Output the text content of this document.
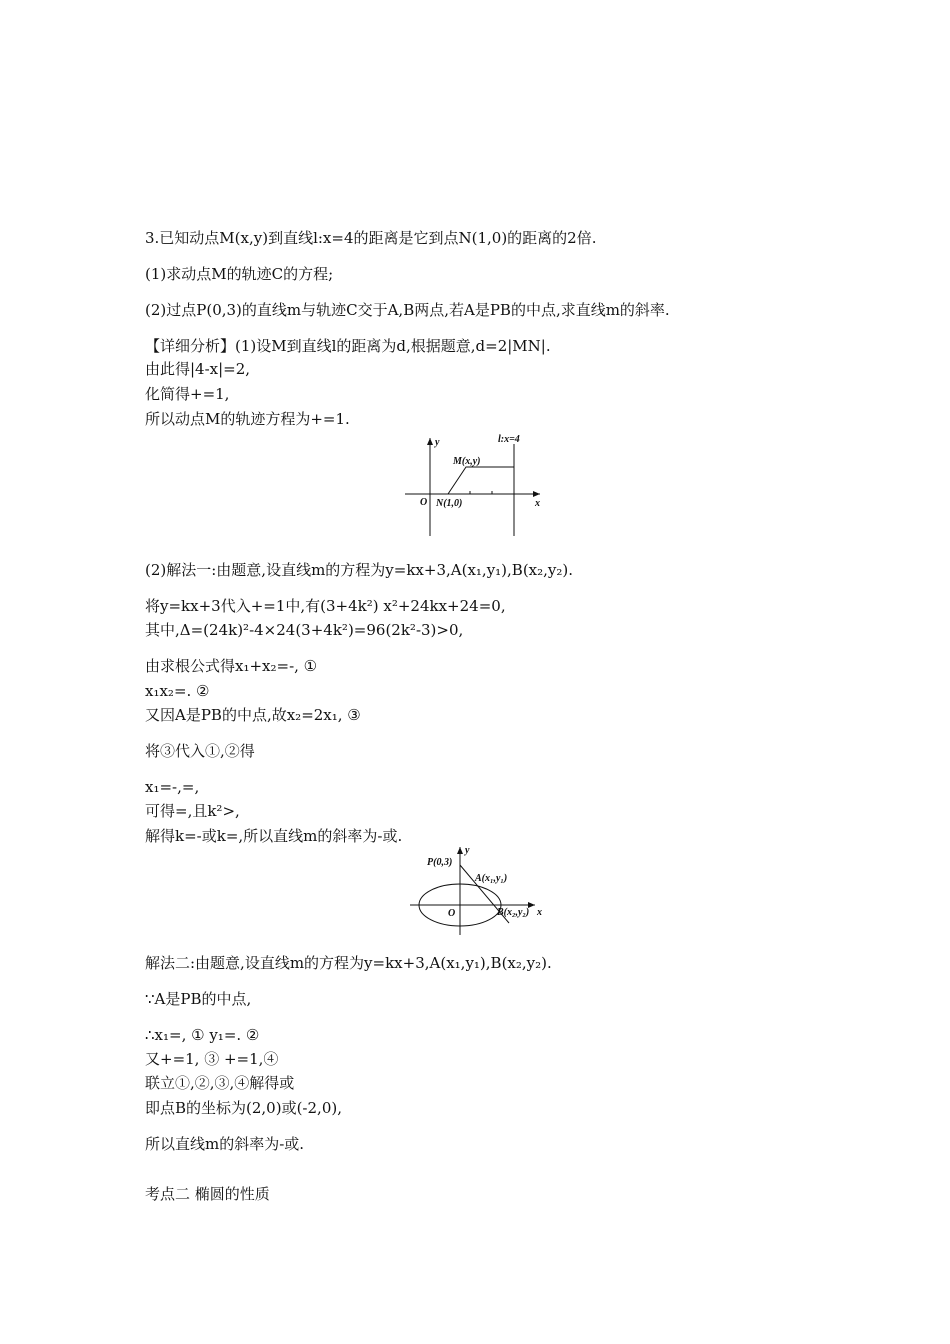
3.已知动点M(x,y)到直线l:x=4的距离是它到点N(1,0)的距离的2倍.
(1)求动点M的轨迹C的方程;
(2)过点P(0,3)的直线m与轨迹C交于A,B两点,若A是PB的中点,求直线m的斜率.
【详细分析】(1)设M到直线l的距离为d,根据题意,d=2|MN|.
由此得|4-x|=2,
化简得+=1,
所以动点M的轨迹方程为+=1.
y	l:x=4
M(x,y)
O N(1,0)	x
(2)解法一:由题意,设直线m的方程为y=kx+3,A(x₁,y₁),B(x₂,y₂).
将y=kx+3代入+=1中,有(3+4k²) x²+24kx+24=0,
其中,Δ=(24k)²-4×24(3+4k²)=96(2k²-3)>0,
由求根公式得x₁+x₂=-, ①
x₁x₂=. ②
又因A是PB的中点,故x₂=2x₁, ③
将③代入①,②得
x₁=-,=,
可得=,且k²>,
解得k=-或k=,所以直线m的斜率为-或.
P(0,3)
y
A(x₁,y₁)
O	B(x₂,y₂) x
解法二:由题意,设直线m的方程为y=kx+3,A(x₁,y₁),B(x₂,y₂).
∵A是PB的中点,
∴x₁=, ① y₁=. ②
又+=1, ③ +=1,④
联立①,②,③,④解得或
即点B的坐标为(2,0)或(-2,0),
所以直线m的斜率为-或.
考点二 椭圆的性质
